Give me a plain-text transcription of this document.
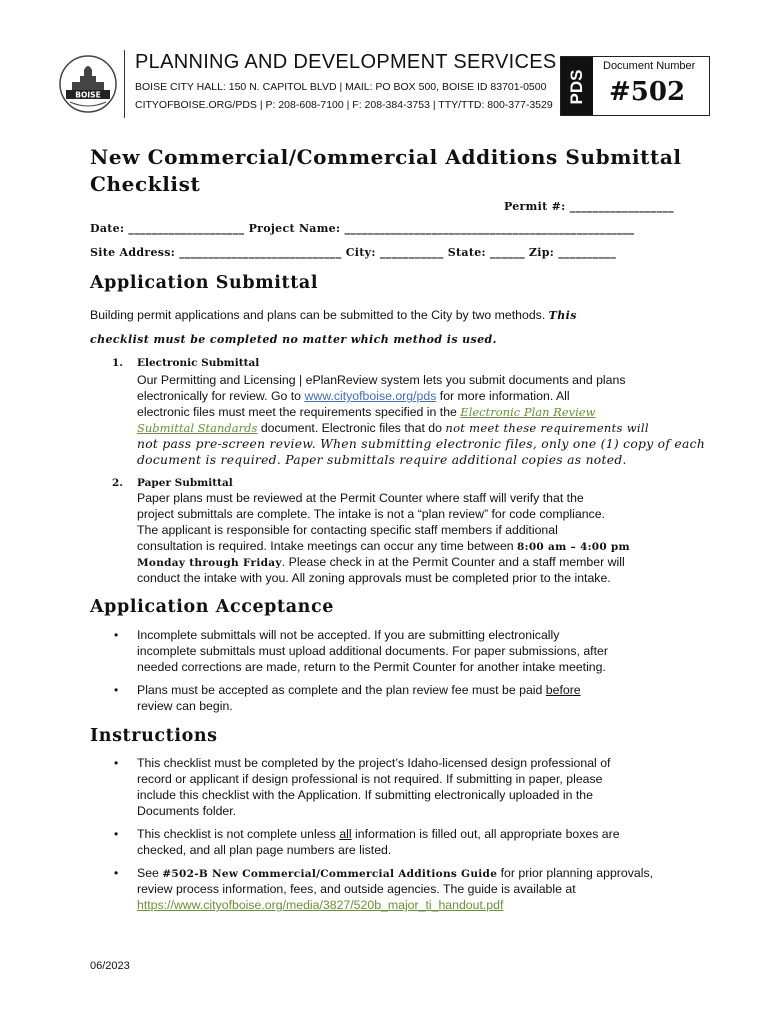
BOISE
PLANNING AND DEVELOPMENT SERVICES
BOISE CITY HALL: 150 N. CAPITOL BLVD | MAIL: PO BOX 500, BOISE ID 83701-0500
CITYOFBOISE.ORG/PDS | P: 208-608-7100 | F: 208-384-3753 | TTY/TTD: 800-377-3529
PDS
Document Number
#502
New Commercial/Commercial Additions Submittal
Checklist
Permit #: __________________
Date: ____________________ Project Name: __________________________________________________
Site Address: ____________________________ City: ___________ State: ______ Zip: __________
Application Submittal
Building permit applications and plans can be submitted to the City by two methods. This
checklist must be completed no matter which method is used.
1. Electronic Submittal
Our Permitting and Licensing | ePlanReview system lets you submit documents and plans
electronically for review. Go to www.cityofboise.org/pds for more information. All
electronic files must meet the requirements specified in the Electronic Plan Review
Submittal Standards document. Electronic files that do not meet these requirements will
not pass pre-screen review. When submitting electronic files, only one (1) copy of each
document is required. Paper submittals require additional copies as noted.
2. Paper Submittal
Paper plans must be reviewed at the Permit Counter where staff will verify that the
project submittals are complete. The intake is not a “plan review” for code compliance.
The applicant is responsible for contacting specific staff members if additional
consultation is required. Intake meetings can occur any time between 8:00 am – 4:00 pm
Monday through Friday. Please check in at the Permit Counter and a staff member will
conduct the intake with you. All zoning approvals must be completed prior to the intake.
Application Acceptance
• Incomplete submittals will not be accepted. If you are submitting electronically
incomplete submittals must upload additional documents. For paper submissions, after
needed corrections are made, return to the Permit Counter for another intake meeting.
• Plans must be accepted as complete and the plan review fee must be paid before
review can begin.
Instructions
• This checklist must be completed by the project’s Idaho-licensed design professional of
record or applicant if design professional is not required. If submitting in paper, please
include this checklist with the Application. If submitting electronically uploaded in the
Documents folder.
• This checklist is not complete unless all information is filled out, all appropriate boxes are
checked, and all plan page numbers are listed.
• See #502-B New Commercial/Commercial Additions Guide for prior planning approvals,
review process information, fees, and outside agencies. The guide is available at
https://www.cityofboise.org/media/3827/520b_major_ti_handout.pdf
06/2023
